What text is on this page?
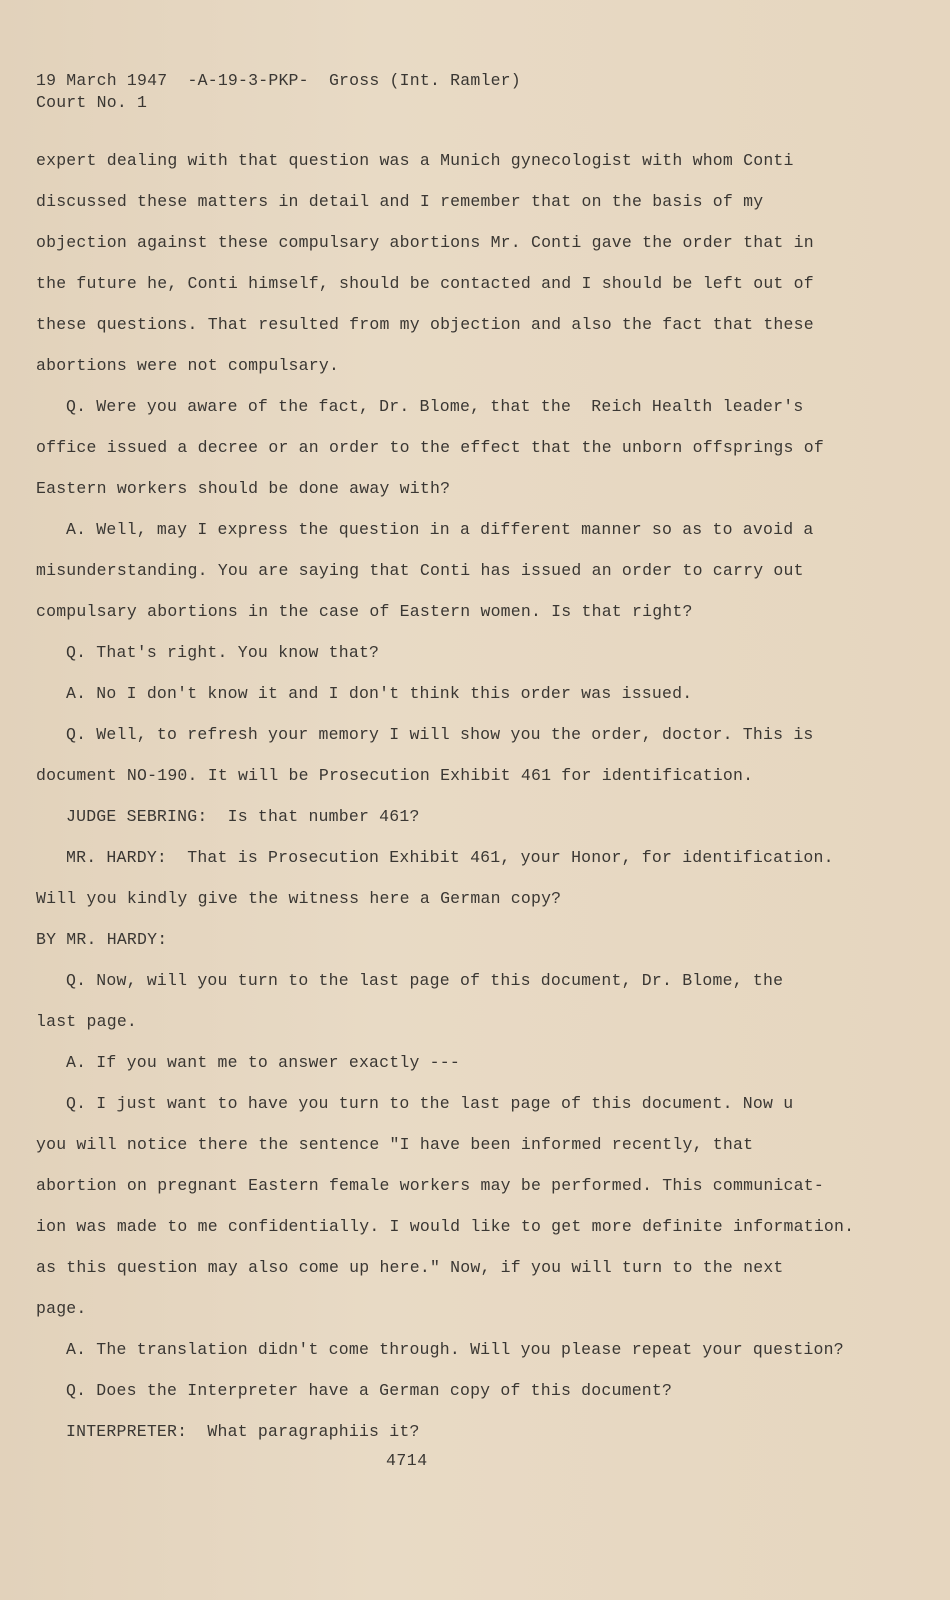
19 March 1947  -A-19-3-PKP-  Gross (Int. Ramler)
Court No. 1
expert dealing with that question was a Munich gynecologist with whom Conti
discussed these matters in detail and I remember that on the basis of my
objection against these compulsary abortions Mr. Conti gave the order that in
the future he, Conti himself, should be contacted and I should be left out of
these questions. That resulted from my objection and also the fact that these
abortions were not compulsary.
Q. Were you aware of the fact, Dr. Blome, that the  Reich Health leader's
office issued a decree or an order to the effect that the unborn offsprings of
Eastern workers should be done away with?
A. Well, may I express the question in a different manner so as to avoid a
misunderstanding. You are saying that Conti has issued an order to carry out
compulsary abortions in the case of Eastern women. Is that right?
Q. That's right. You know that?
A. No I don't know it and I don't think this order was issued.
Q. Well, to refresh your memory I will show you the order, doctor. This is
document NO-190. It will be Prosecution Exhibit 461 for identification.
JUDGE SEBRING:  Is that number 461?
MR. HARDY:  That is Prosecution Exhibit 461, your Honor, for identification.
Will you kindly give the witness here a German copy?
BY MR. HARDY:
Q. Now, will you turn to the last page of this document, Dr. Blome, the
last page.
A. If you want me to answer exactly ---
Q. I just want to have you turn to the last page of this document. Now u
you will notice there the sentence "I have been informed recently, that
abortion on pregnant Eastern female workers may be performed. This communicat-
ion was made to me confidentially. I would like to get more definite information.
as this question may also come up here." Now, if you will turn to the next
page.
A. The translation didn't come through. Will you please repeat your question?
Q. Does the Interpreter have a German copy of this document?
INTERPRETER:  What paragraphiis it?
4714
